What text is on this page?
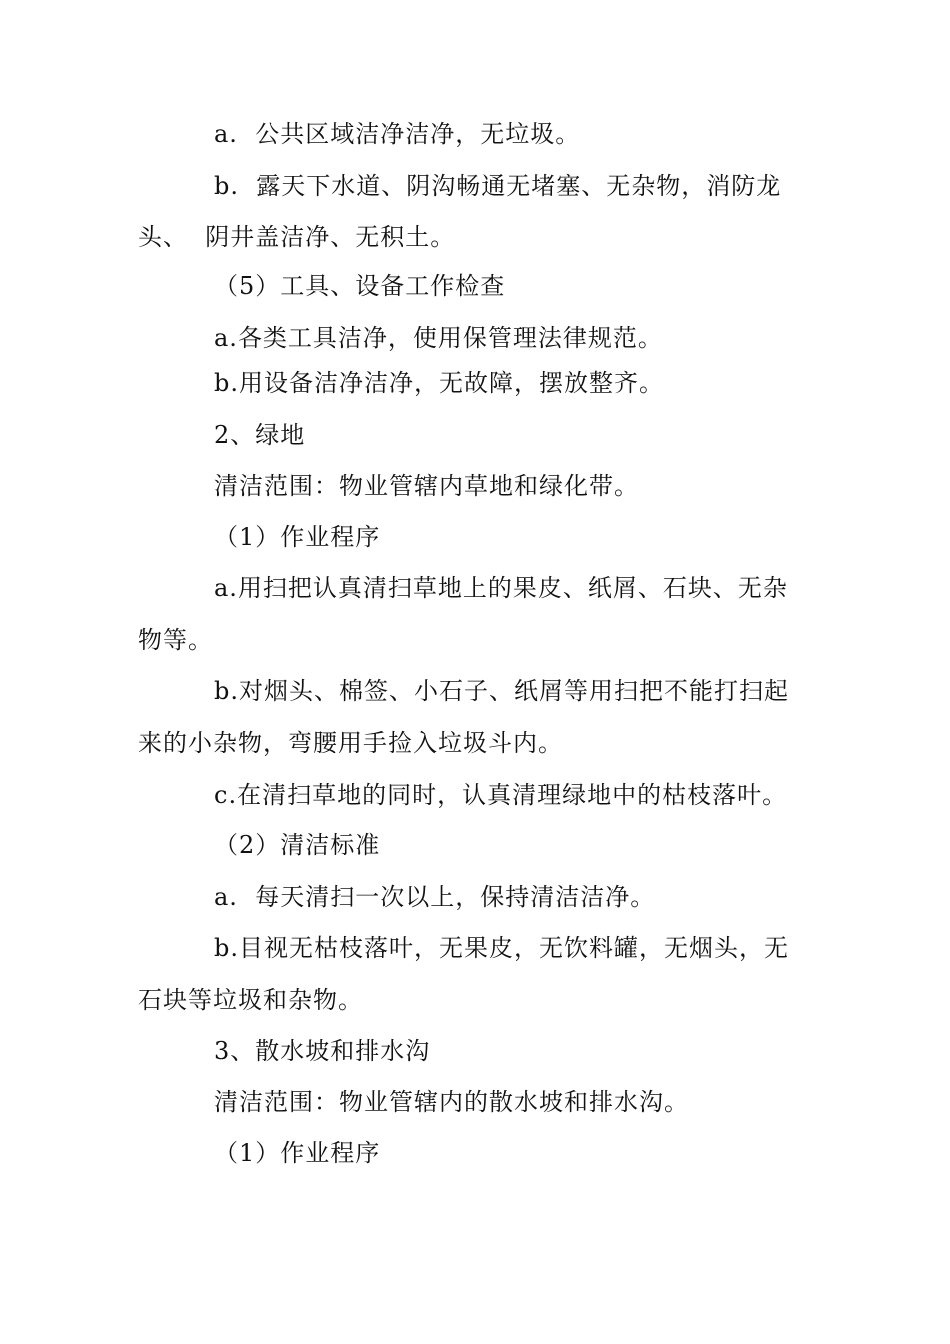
a.  公共区域洁净洁净，无垃圾。
b.  露天下水道、阴沟畅通无堵塞、无杂物，消防龙
头、  阴井盖洁净、无积土。
（5）工具、设备工作检查
a.各类工具洁净，使用保管理法律规范。
b.用设备洁净洁净，无故障，摆放整齐。
2、绿地
清洁范围：物业管辖内草地和绿化带。
（1）作业程序
a.用扫把认真清扫草地上的果皮、纸屑、石块、无杂
物等。
b.对烟头、棉签、小石子、纸屑等用扫把不能打扫起
来的小杂物，弯腰用手捡入垃圾斗内。
c.在清扫草地的同时，认真清理绿地中的枯枝落叶。
（2）清洁标准
a.  每天清扫一次以上，保持清洁洁净。
b.目视无枯枝落叶，无果皮，无饮料罐，无烟头，无
石块等垃圾和杂物。
3、散水坡和排水沟
清洁范围：物业管辖内的散水坡和排水沟。
（1）作业程序
